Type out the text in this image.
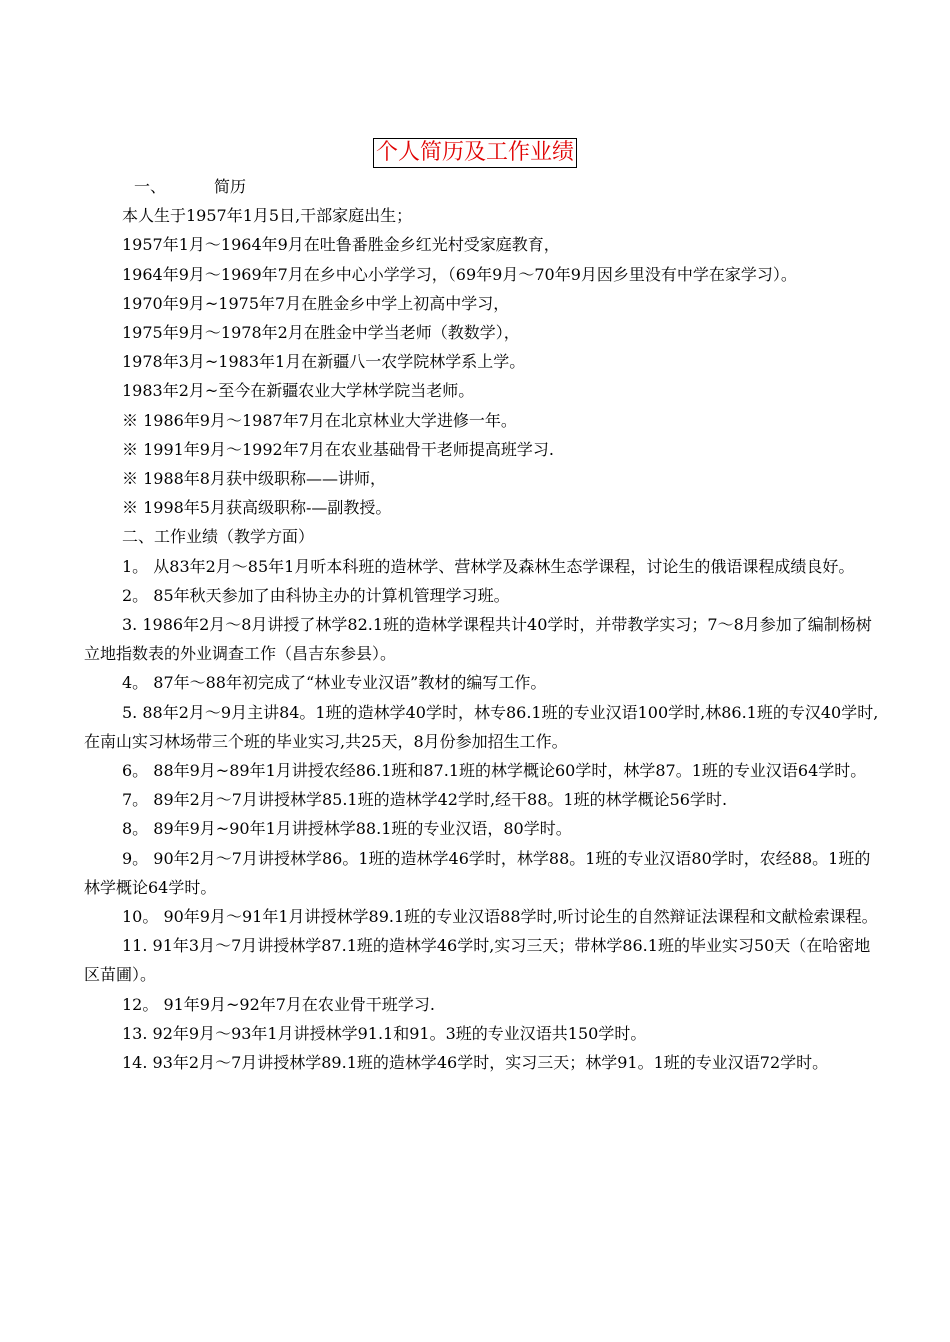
个人简历及工作业绩

一、	简历

本人生于1957年1月5日,干部家庭出生；

1957年1月～1964年9月在吐鲁番胜金乡红光村受家庭教育，

1964年9月～1969年7月在乡中心小学学习，（69年9月～70年9月因乡里没有中学在家学习）。

1970年9月~1975年7月在胜金乡中学上初高中学习，

1975年9月～1978年2月在胜金中学当老师（教数学），

1978年3月~1983年1月在新疆八一农学院林学系上学。

1983年2月~至今在新疆农业大学林学院当老师。

※ 1986年9月～1987年7月在北京林业大学进修一年。

※ 1991年9月～1992年7月在农业基础骨干老师提高班学习.

※ 1988年8月获中级职称——讲师，

※ 1998年5月获高级职称-—副教授。

二、工作业绩（教学方面）

1。 从83年2月～85年1月听本科班的造林学、营林学及森林生态学课程，讨论生的俄语课程成绩良好。

2。 85年秋天参加了由科协主办的计算机管理学习班。

3. 1986年2月～8月讲授了林学82.1班的造林学课程共计40学时，并带教学实习；7～8月参加了编制杨树立地指数表的外业调查工作（昌吉东参县）。

4。 87年～88年初完成了“林业专业汉语”教材的编写工作。

5. 88年2月～9月主讲84。1班的造林学40学时，林专86.1班的专业汉语100学时,林86.1班的专汉40学时,在南山实习林场带三个班的毕业实习,共25天，8月份参加招生工作。

6。 88年9月~89年1月讲授农经86.1班和87.1班的林学概论60学时，林学87。1班的专业汉语64学时。

7。 89年2月～7月讲授林学85.1班的造林学42学时,经干88。1班的林学概论56学时.

8。 89年9月~90年1月讲授林学88.1班的专业汉语，80学时。

9。 90年2月～7月讲授林学86。1班的造林学46学时，林学88。1班的专业汉语80学时，农经88。1班的林学概论64学时。

10。 90年9月～91年1月讲授林学89.1班的专业汉语88学时,听讨论生的自然辩证法课程和文献检索课程。

11. 91年3月～7月讲授林学87.1班的造林学46学时,实习三天；带林学86.1班的毕业实习50天（在哈密地区苗圃）。

12。 91年9月~92年7月在农业骨干班学习.

13. 92年9月～93年1月讲授林学91.1和91。3班的专业汉语共150学时。

14. 93年2月～7月讲授林学89.1班的造林学46学时，实习三天；林学91。1班的专业汉语72学时。
